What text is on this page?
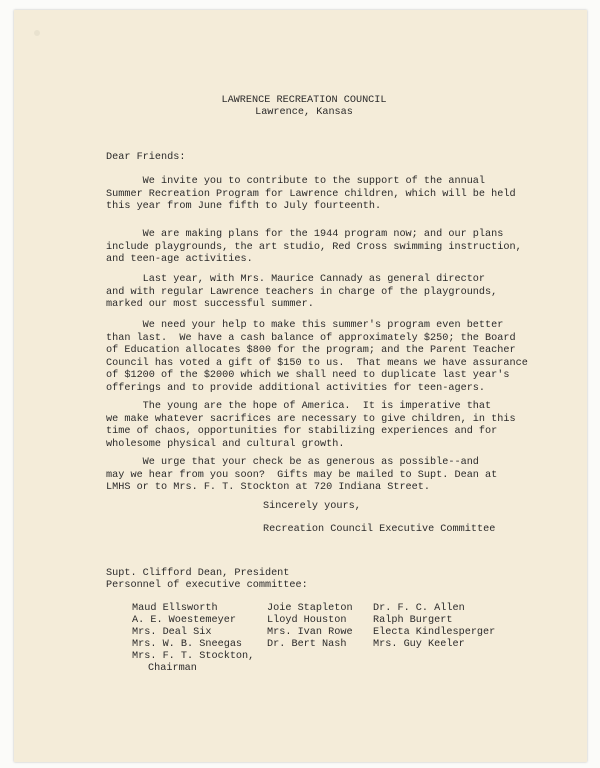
LAWRENCE RECREATION COUNCIL
Lawrence, Kansas
Dear Friends:
We invite you to contribute to the support of the annual
Summer Recreation Program for Lawrence children, which will be held
this year from June fifth to July fourteenth.
We are making plans for the 1944 program now; and our plans
include playgrounds, the art studio, Red Cross swimming instruction,
and teen-age activities.
Last year, with Mrs. Maurice Cannady as general director
and with regular Lawrence teachers in charge of the playgrounds,
marked our most successful summer.
We need your help to make this summer's program even better
than last.  We have a cash balance of approximately $250; the Board
of Education allocates $800 for the program; and the Parent Teacher
Council has voted a gift of $150 to us.  That means we have assurance
of $1200 of the $2000 which we shall need to duplicate last year's
offerings and to provide additional activities for teen-agers.
The young are the hope of America.  It is imperative that
we make whatever sacrifices are necessary to give children, in this
time of chaos, opportunities for stabilizing experiences and for
wholesome physical and cultural growth.
We urge that your check be as generous as possible--and
may we hear from you soon?  Gifts may be mailed to Supt. Dean at
LMHS or to Mrs. F. T. Stockton at 720 Indiana Street.
Sincerely yours,
Recreation Council Executive Committee
Supt. Clifford Dean, President
Personnel of executive committee:
Maud Ellsworth
A. E. Woestemeyer
Mrs. Deal Six
Mrs. W. B. Sneegas
Mrs. F. T. Stockton,
Chairman
Joie Stapleton
Lloyd Houston
Mrs. Ivan Rowe
Dr. Bert Nash
Dr. F. C. Allen
Ralph Burgert
Electa Kindlesperger
Mrs. Guy Keeler
